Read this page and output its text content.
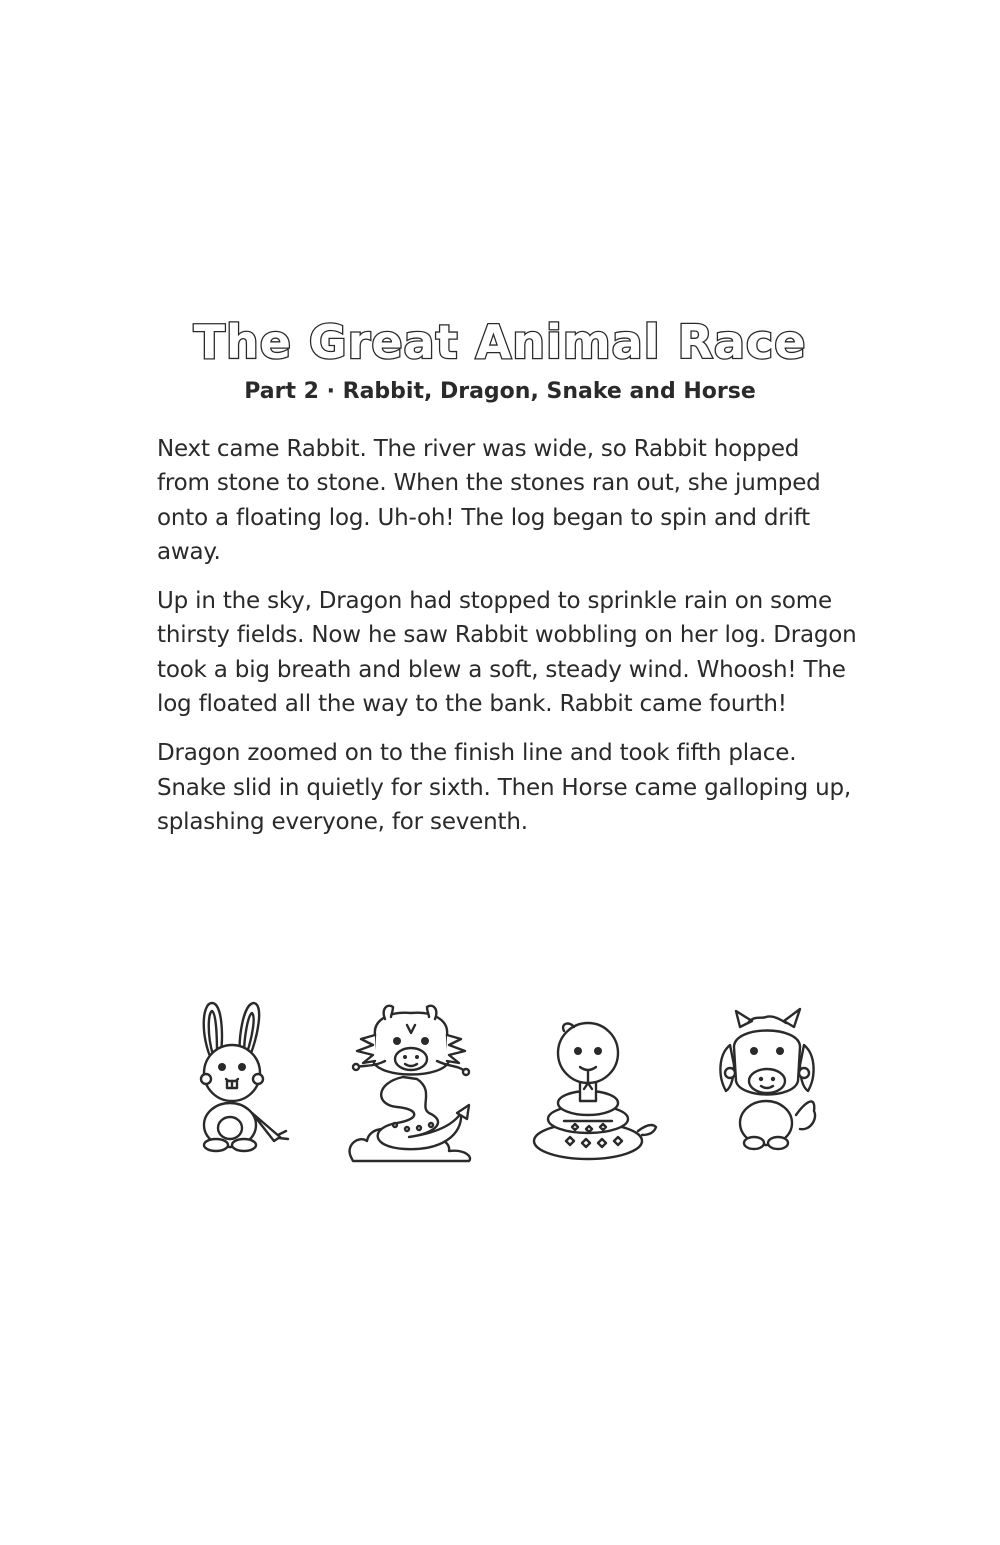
The Great Animal Race
Part 2 · Rabbit, Dragon, Snake and Horse

Next came Rabbit. The river was wide, so Rabbit hopped from stone to stone. When the stones ran out, she jumped onto a floating log. Uh-oh! The log began to spin and drift away.

Up in the sky, Dragon had stopped to sprinkle rain on some thirsty fields. Now he saw Rabbit wobbling on her log. Dragon took a big breath and blew a soft, steady wind. Whoosh! The log floated all the way to the bank. Rabbit came fourth!

Dragon zoomed on to the finish line and took fifth place. Snake slid in quietly for sixth. Then Horse came galloping up, splashing everyone, for seventh.
